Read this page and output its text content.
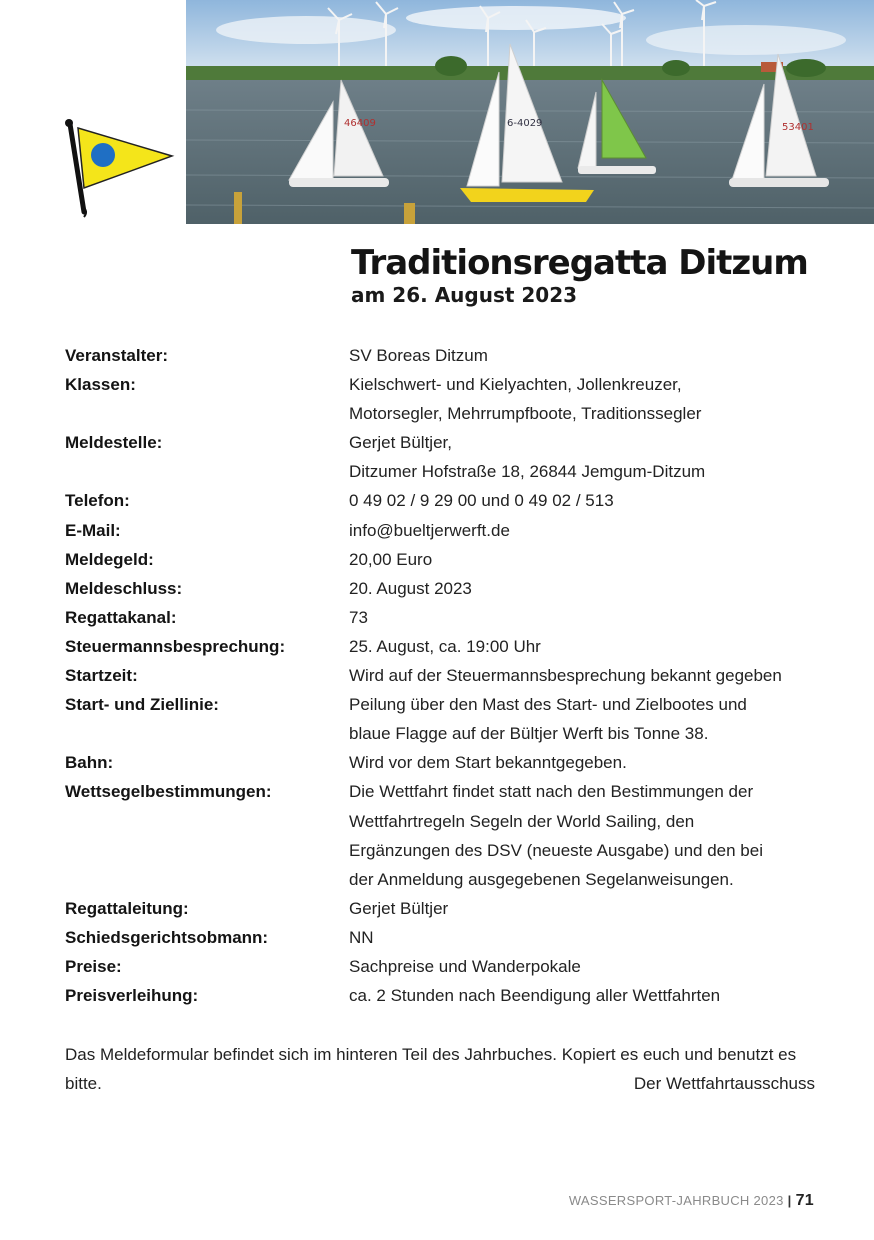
46409	6-4029	53401
Traditionsregatta Ditzum
am 26. August 2023
Veranstalter:	SV Boreas Ditzum
Klassen:	Kielschwert- und Kielyachten, Jollenkreuzer,
Motorsegler, Mehrrumpfboote, Traditionssegler
Meldestelle:	Gerjet Bültjer,
Ditzumer Hofstraße 18, 26844 Jemgum-Ditzum
Telefon:	0 49 02 / 9 29 00 und 0 49 02 / 513
E-Mail:	info@bueltjerwerft.de
Meldegeld:	20,00 Euro
Meldeschluss:	20. August 2023
Regattakanal:	73
Steuermannsbesprechung:	25. August, ca. 19:00 Uhr
Startzeit:	Wird auf der Steuermannsbesprechung bekannt gegeben
Start- und Ziellinie:	Peilung über den Mast des Start- und Zielbootes und
blaue Flagge auf der Bültjer Werft bis Tonne 38.
Bahn:	Wird vor dem Start bekanntgegeben.
Wettsegelbestimmungen:	Die Wettfahrt findet statt nach den Bestimmungen der
Wettfahrtregeln Segeln der World Sailing, den
Ergänzungen des DSV (neueste Ausgabe) und den bei
der Anmeldung ausgegebenen Segelanweisungen.
Regattaleitung:	Gerjet Bültjer
Schiedsgerichtsobmann:	NN
Preise:	Sachpreise und Wanderpokale
Preisverleihung:	ca. 2 Stunden nach Beendigung aller Wettfahrten
Das Meldeformular befindet sich im hinteren Teil des Jahrbuches. Kopiert es euch und benutzt es bitte.	Der Wettfahrtausschuss
WASSERSPORT-JAHRBUCH 2023 | 71
